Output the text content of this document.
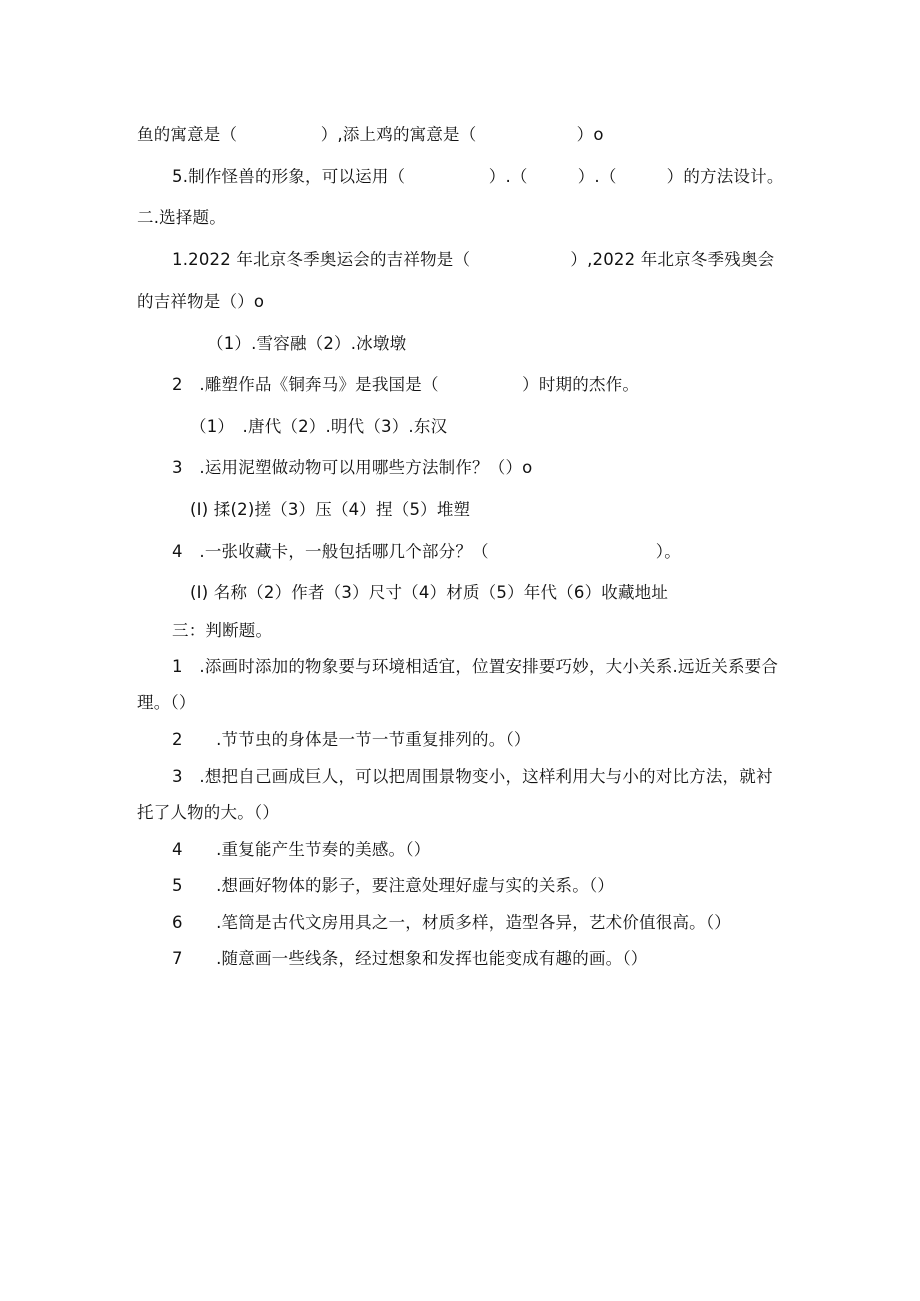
鱼的寓意是（　　　　　）,添上鸡的寓意是（　　　　　　）o
5.制作怪兽的形象，可以运用（　　　　　）.（　　　）.（　　　）的方法设计。
二.选择题。
1.2022 年北京冬季奥运会的吉祥物是（　　　　　　）,2022 年北京冬季残奥会
的吉祥物是（）o
（1）.雪容融（2）.冰墩墩
2　.雕塑作品《铜奔马》是我国是（　　　　　）时期的杰作。
（1）　.唐代（2）.明代（3）.东汉
3　.运用泥塑做动物可以用哪些方法制作？（）o
(I) 揉(2)搓（3）压（4）捏（5）堆塑
4　.一张收藏卡，一般包括哪几个部分？（　　　　　　　　　　）。
(I) 名称（2）作者（3）尺寸（4）材质（5）年代（6）收藏地址
三：判断题。
1　.添画时添加的物象要与环境相适宜，位置安排要巧妙，大小关系.远近关系要合
理。（）
2　　.节节虫的身体是一节一节重复排列的。（）
3　.想把自己画成巨人，可以把周围景物变小，这样利用大与小的对比方法，就衬
托了人物的大。（）
4　　.重复能产生节奏的美感。（）
5　　.想画好物体的影子，要注意处理好虚与实的关系。（）
6　　.笔筒是古代文房用具之一，材质多样，造型各异，艺术价值很高。（）
7　　.随意画一些线条，经过想象和发挥也能变成有趣的画。（）
